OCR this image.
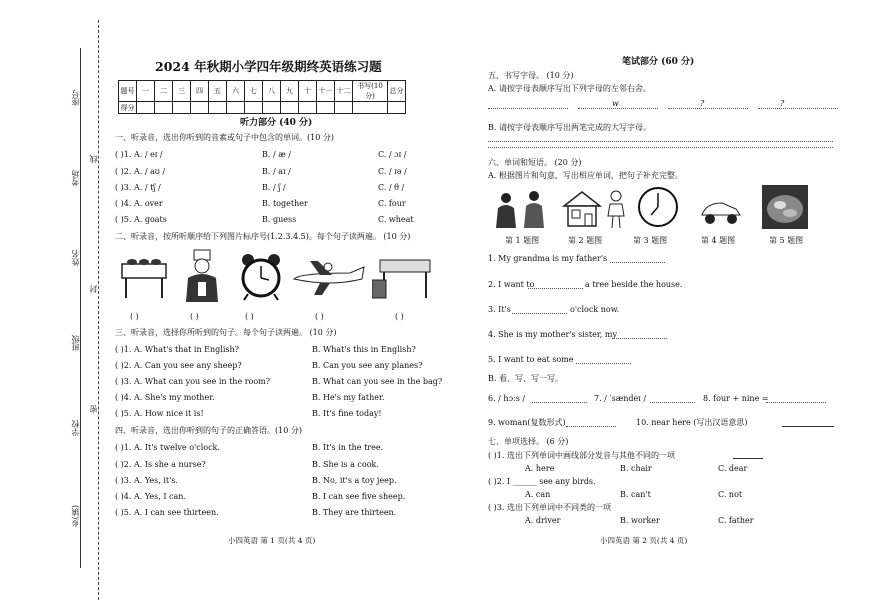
座号
考场
姓名
班级
学校
乡(镇)
线
封
密
2024 年秋期小学四年级期终英语练习题
题号	一	二	三	四	五	六	七	八	九	十	十一	十二	书写(10分)	总分
得分														
听力部分 (40 分)
一、听录音，选出你听到的音素或句子中包含的单词。(10 分)
( )1. A. / eɪ /	B. / æ /	C. / ɔɪ /
( )2. A. / aʊ /	B. / aɪ /	C. / ɪə /
( )3. A. / tʃ /	B. / ʃ /	C. / θ /
( )4. A. over	B. together	C. four
( )5. A. goats	B. guess	C. wheat
二、听录音，按所听顺序给下列图片标序号(1.2.3.4.5)。每个句子读两遍。 (10 分)
( )	( )	( )	( )	( )
三、听录音，选择你所听到的句子。每个句子读两遍。 (10 分)
( )1. A. What's that in English?	B. What's this in English?
( )2. A. Can you see any sheep?	B. Can you see any planes?
( )3. A. What can you see in the room?	B. What can you see in the bag?
( )4. A. She's my mother.	B. He's my father.
( )5. A. How nice it is!	B. It's fine today!
四、听录音，选出你听到的句子的正确答语。(10 分)
( )1. A. It's twelve o'clock.	B. It's in the tree.
( )2. A. Is she a nurse?	B. She is a cook.
( )3. A. Yes, it's.	B. No, it's a toy jeep.
( )4. A. Yes, I can.	B. I can see five sheep.
( )5. A. I can see thirteen.	B. They are thirteen.
小四英语 第 1 页(共 4 页)
笔试部分 (60 分)
五、书写字母。 (10 分)
A. 请按字母表顺序写出下列字母的左邻右舍。
w	?	?
B. 请按字母表顺序写出两笔完成的大写字母。
六、单词和短语。 (20 分)
A. 根据图片和句意，写出相应单词，把句子补充完整。
第 1 题图	第 2 题图	第 3 题图	第 4 题图	第 5 题图
1. My grandma is my father's
2. I want to	a tree beside the house.
3. It's	o'clock now.
4. She is my mother's sister, my
5. I want to eat some
B. 看、写、写一写。
6. / hɔːs /	7. / ˈsændeɪ /	8. four + nine =
9. woman(复数形式)	10. near here (写出汉语意思)
七、单项选择。 (6 分)
( )1. 选出下列单词中画线部分发音与其他不同的一项
A. here	B. chair	C. dear
( )2. I ______ see any birds.
A. can	B. can't	C. not
( )3. 选出下列单词中不同类的一项
A. driver	B. worker	C. father
小四英语 第 2 页(共 4 页)
